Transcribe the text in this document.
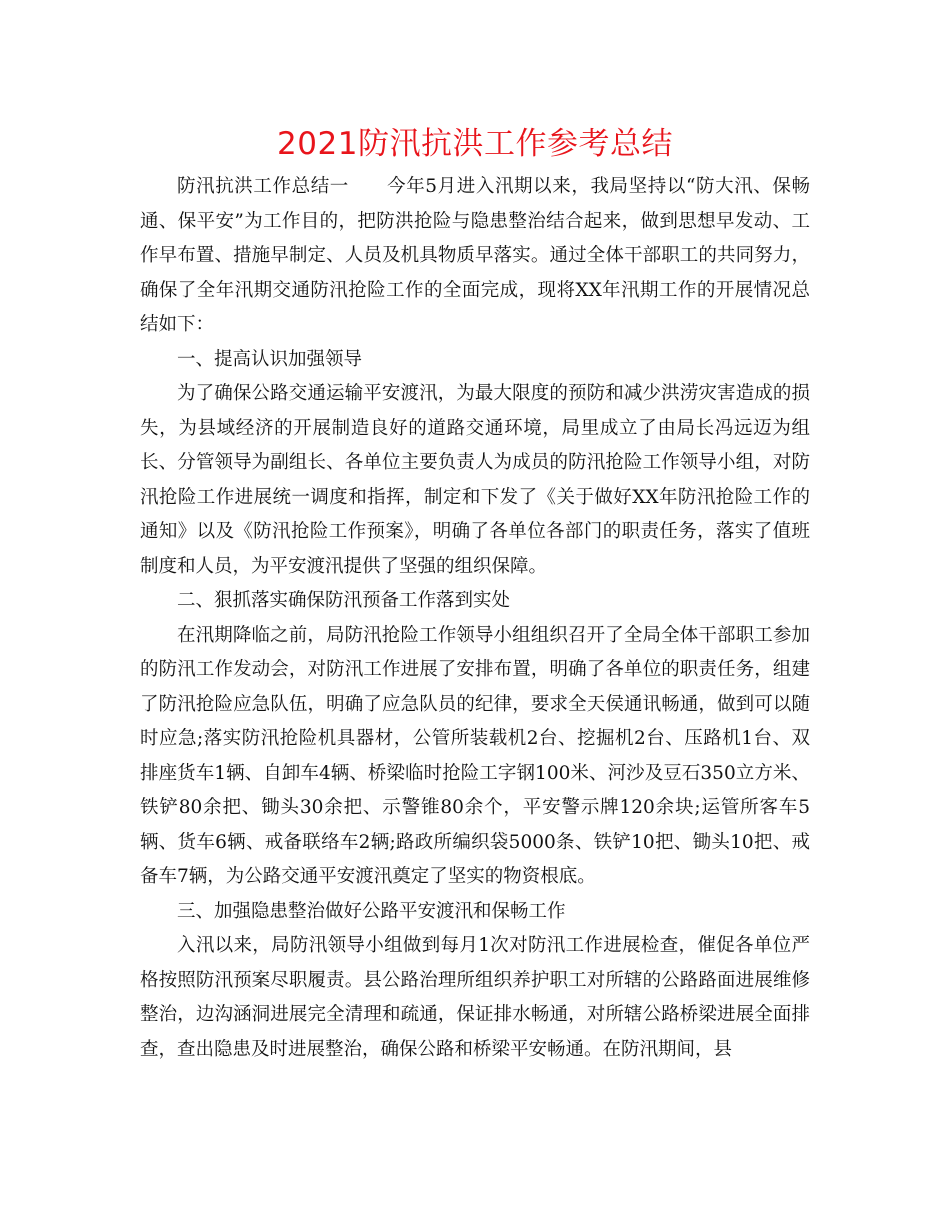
2021防汛抗洪工作参考总结

防汛抗洪工作总结一　　今年5月进入汛期以来，我局坚持以“防大汛、保畅通、保平安”为工作目的，把防洪抢险与隐患整治结合起来，做到思想早发动、工作早布置、措施早制定、人员及机具物质早落实。通过全体干部职工的共同努力，确保了全年汛期交通防汛抢险工作的全面完成，现将XX年汛期工作的开展情况总结如下：

一、提高认识加强领导

为了确保公路交通运输平安渡汛，为最大限度的预防和减少洪涝灾害造成的损失，为县域经济的开展制造良好的道路交通环境，局里成立了由局长冯远迈为组长、分管领导为副组长、各单位主要负责人为成员的防汛抢险工作领导小组，对防汛抢险工作进展统一调度和指挥，制定和下发了《关于做好XX年防汛抢险工作的通知》以及《防汛抢险工作预案》，明确了各单位各部门的职责任务，落实了值班制度和人员，为平安渡汛提供了坚强的组织保障。

二、狠抓落实确保防汛预备工作落到实处

在汛期降临之前，局防汛抢险工作领导小组组织召开了全局全体干部职工参加的防汛工作发动会，对防汛工作进展了安排布置，明确了各单位的职责任务，组建了防汛抢险应急队伍，明确了应急队员的纪律，要求全天侯通讯畅通，做到可以随时应急;落实防汛抢险机具器材，公管所装载机2台、挖掘机2台、压路机1台、双排座货车1辆、自卸车4辆、桥梁临时抢险工字钢100米、河沙及豆石350立方米、铁铲80余把、锄头30余把、示警锥80余个，平安警示牌120余块;运管所客车5辆、货车6辆、戒备联络车2辆;路政所编织袋5000条、铁铲10把、锄头10把、戒备车7辆，为公路交通平安渡汛奠定了坚实的物资根底。

三、加强隐患整治做好公路平安渡汛和保畅工作

入汛以来，局防汛领导小组做到每月1次对防汛工作进展检查，催促各单位严格按照防汛预案尽职履责。县公路治理所组织养护职工对所辖的公路路面进展维修整治，边沟涵洞进展完全清理和疏通，保证排水畅通，对所辖公路桥梁进展全面排查，查出隐患及时进展整治，确保公路和桥梁平安畅通。在防汛期间，县
